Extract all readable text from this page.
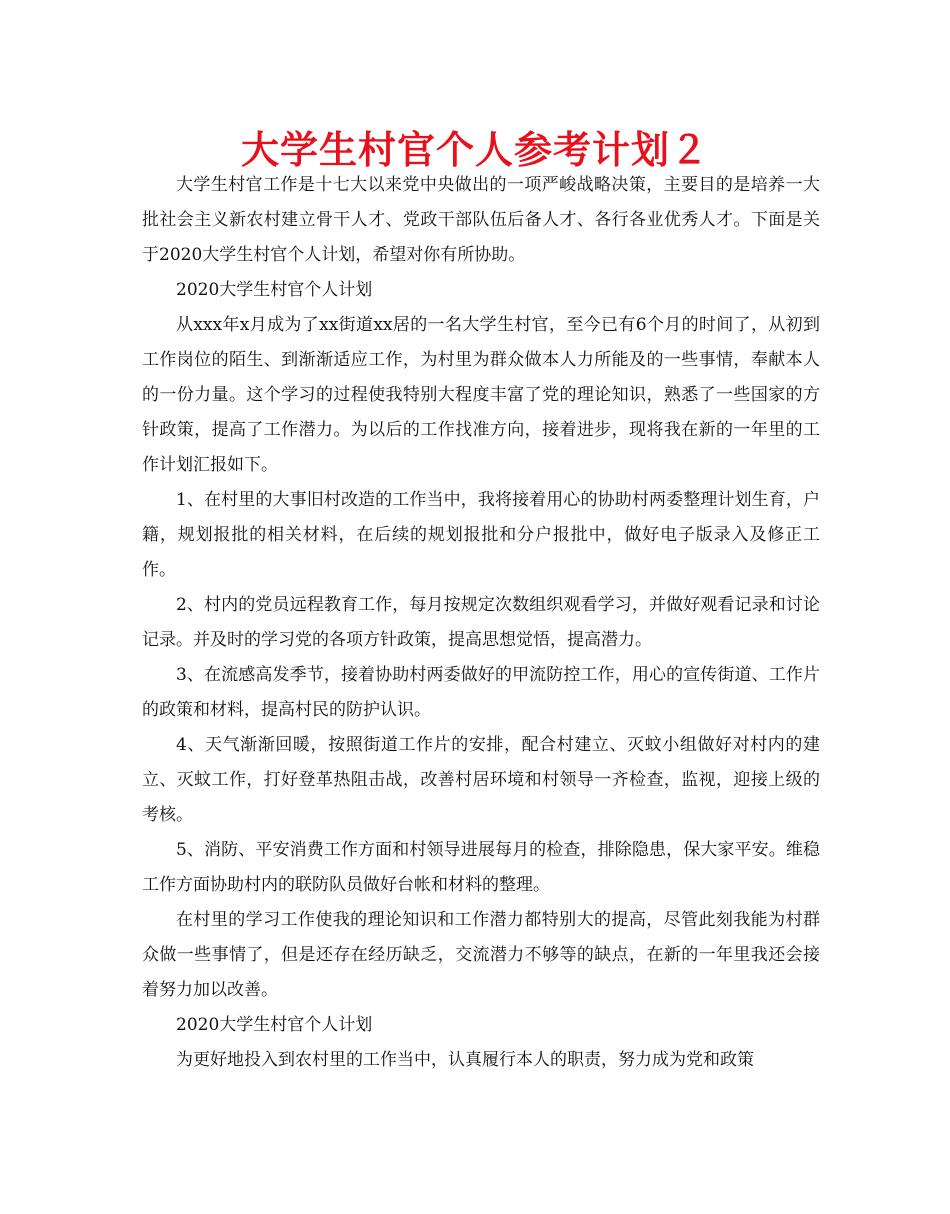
大学生村官个人参考计划２

大学生村官工作是十七大以来党中央做出的一项严峻战略决策，主要目的是培养一大批社会主义新农村建立骨干人才、党政干部队伍后备人才、各行各业优秀人才。下面是关于2020大学生村官个人计划，希望对你有所协助。

2020大学生村官个人计划

从xxx年x月成为了xx街道xx居的一名大学生村官，至今已有6个月的时间了，从初到工作岗位的陌生、到渐渐适应工作，为村里为群众做本人力所能及的一些事情，奉献本人的一份力量。这个学习的过程使我特别大程度丰富了党的理论知识，熟悉了一些国家的方针政策，提高了工作潜力。为以后的工作找准方向，接着进步，现将我在新的一年里的工作计划汇报如下。

1、在村里的大事旧村改造的工作当中，我将接着用心的协助村两委整理计划生育，户籍，规划报批的相关材料，在后续的规划报批和分户报批中，做好电子版录入及修正工作。

2、村内的党员远程教育工作，每月按规定次数组织观看学习，并做好观看记录和讨论记录。并及时的学习党的各项方针政策，提高思想觉悟，提高潜力。

3、在流感高发季节，接着协助村两委做好的甲流防控工作，用心的宣传街道、工作片的政策和材料，提高村民的防护认识。

4、天气渐渐回暖，按照街道工作片的安排，配合村建立、灭蚊小组做好对村内的建立、灭蚊工作，打好登革热阻击战，改善村居环境和村领导一齐检查，监视，迎接上级的考核。

5、消防、平安消费工作方面和村领导进展每月的检查，排除隐患，保大家平安。维稳工作方面协助村内的联防队员做好台帐和材料的整理。

在村里的学习工作使我的理论知识和工作潜力都特别大的提高，尽管此刻我能为村群众做一些事情了，但是还存在经历缺乏，交流潜力不够等的缺点，在新的一年里我还会接着努力加以改善。

2020大学生村官个人计划

为更好地投入到农村里的工作当中，认真履行本人的职责，努力成为党和政策
